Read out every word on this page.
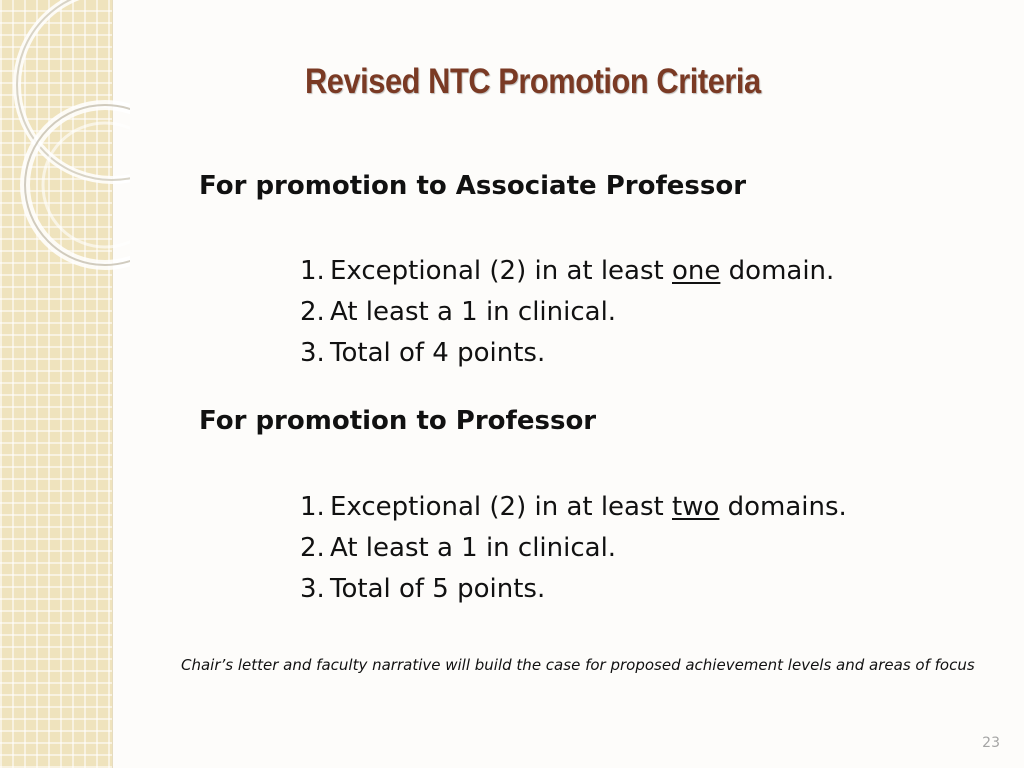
Revised NTC Promotion Criteria
For promotion to Associate Professor
1. Exceptional (2) in at least one domain.
2. At least a 1 in clinical.
3. Total of 4 points.
For promotion to Professor
1. Exceptional (2) in at least two domains.
2. At least a 1 in clinical.
3. Total of 5 points.
Chair’s letter and faculty narrative will build the case for proposed achievement levels and areas of focus
23
